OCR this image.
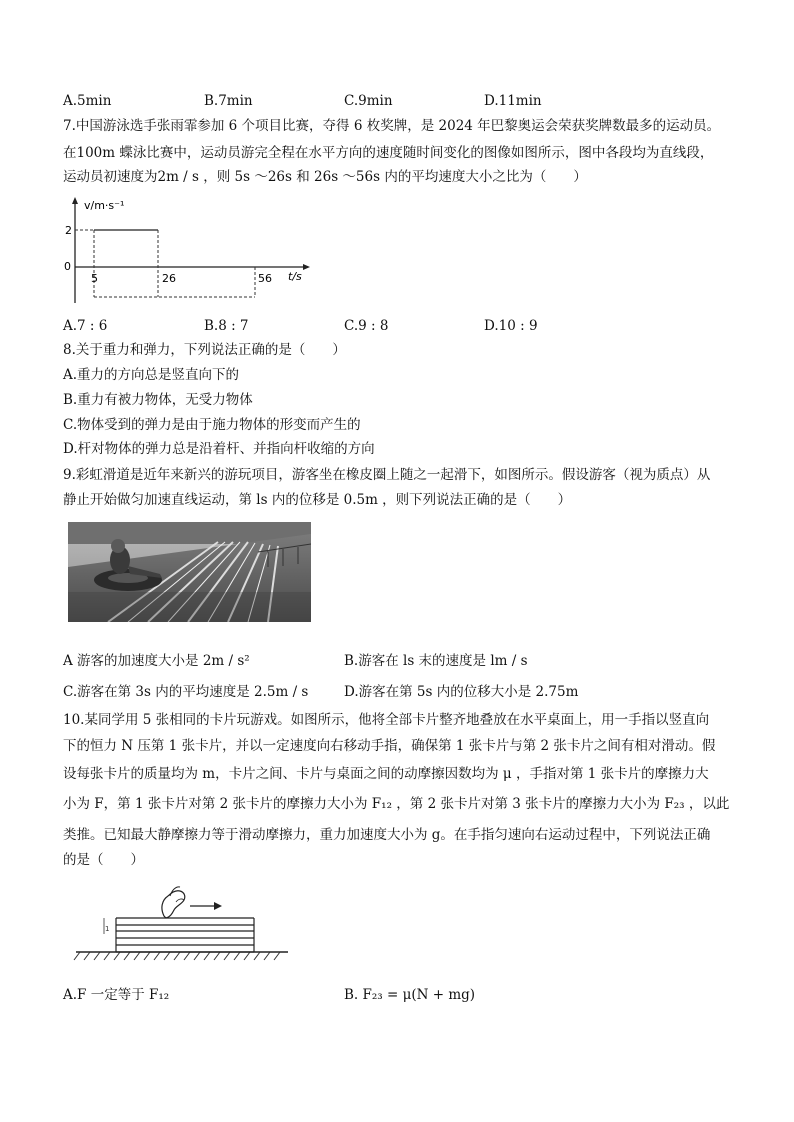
A.5min	B.7min	C.9min	D.11min
7.中国游泳选手张雨霏参加 6 个项目比赛，夺得 6 枚奖牌，是 2024 年巴黎奥运会荣获奖牌数最多的运动员。
在100m 蝶泳比赛中，运动员游完全程在水平方向的速度随时间变化的图像如图所示，图中各段均为直线段，
运动员初速度为2m / s ，则 5s ～26s 和 26s ～56s 内的平均速度大小之比为（　　）
v/m·s⁻¹
2
0
5	26	56 t/s
A.7 : 6	B.8 : 7	C.9 : 8	D.10 : 9
8.关于重力和弹力，下列说法正确的是（　　）
A.重力的方向总是竖直向下的
B.重力有被力物体，无受力物体
C.物体受到的弹力是由于施力物体的形变而产生的
D.杆对物体的弹力总是沿着杆、并指向杆收缩的方向
9.彩虹滑道是近年来新兴的游玩项目，游客坐在橡皮圈上随之一起滑下，如图所示。假设游客（视为质点）从
静止开始做匀加速直线运动，第 ls 内的位移是 0.5m ，则下列说法正确的是（　　）
A 游客的加速度大小是 2m / s²	B.游客在 ls 末的速度是 lm / s
C.游客在第 3s 内的平均速度是 2.5m / s	D.游客在第 5s 内的位移大小是 2.75m
10.某同学用 5 张相同的卡片玩游戏。如图所示，他将全部卡片整齐地叠放在水平桌面上，用一手指以竖直向
下的恒力 N 压第 1 张卡片，并以一定速度向右移动手指，确保第 1 张卡片与第 2 张卡片之间有相对滑动。假
设每张卡片的质量均为 m，卡片之间、卡片与桌面之间的动摩擦因数均为 μ ，手指对第 1 张卡片的摩擦力大
小为 F，第 1 张卡片对第 2 张卡片的摩擦力大小为 F₁₂ ，第 2 张卡片对第 3 张卡片的摩擦力大小为 F₂₃ ，以此
类推。已知最大静摩擦力等于滑动摩擦力，重力加速度大小为 g。在手指匀速向右运动过程中，下列说法正确
的是（　　）
1
A.F 一定等于 F₁₂	B. F₂₃ = μ(N + mg)
